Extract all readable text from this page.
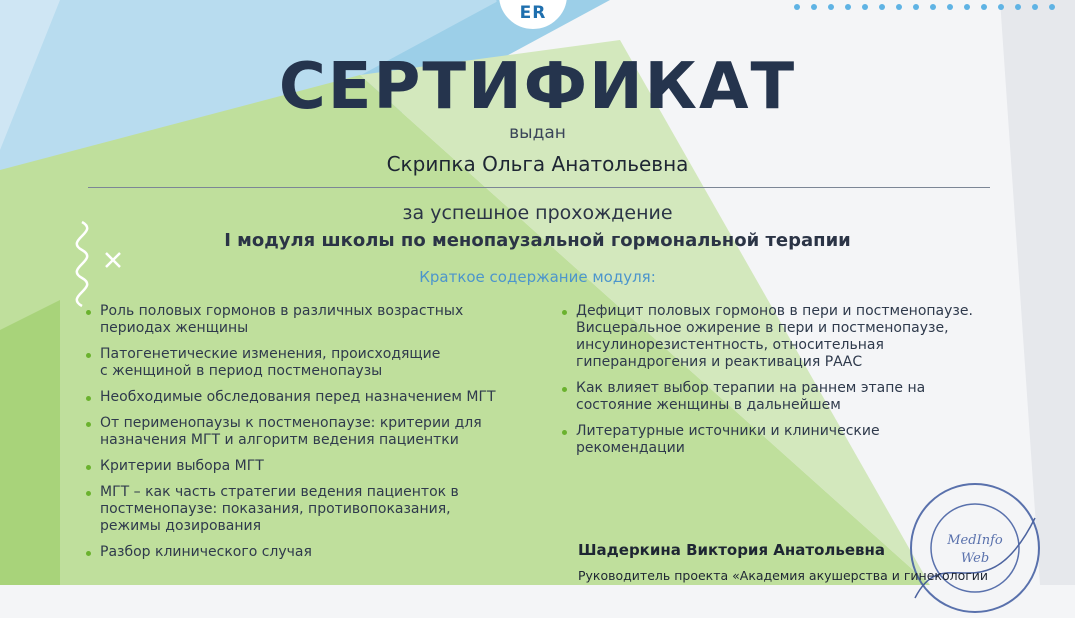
ER
СЕРТИФИКАТ
выдан
Скрипка Ольга Анатольевна
за успешное прохождение
I модуля школы по менопаузальной гормональной терапии
Краткое содержание модуля:
Роль половых гормонов в различных возрастных
периодах женщины
Патогенетические изменения, происходящие
с женщиной в период постменопаузы
Необходимые обследования перед назначением МГТ
От перименопаузы к постменопаузе: критерии для
назначения МГТ и алгоритм ведения пациентки
Критерии выбора МГТ
МГТ – как часть стратегии ведения пациенток в
постменопаузе: показания, противопоказания,
режимы дозирования
Разбор клинического случая
Дефицит половых гормонов в пери и постменопаузе.
Висцеральное ожирение в пери и постменопаузе,
инсулинорезистентность, относительная
гиперандрогения и реактивация РААС
Как влияет выбор терапии на раннем этапе на
состояние женщины в дальнейшем
Литературные источники и клинические
рекомендации
MedInfo
Web
Шадеркина Виктория Анатольевна
Руководитель проекта «Академия акушерства и гинекологии
